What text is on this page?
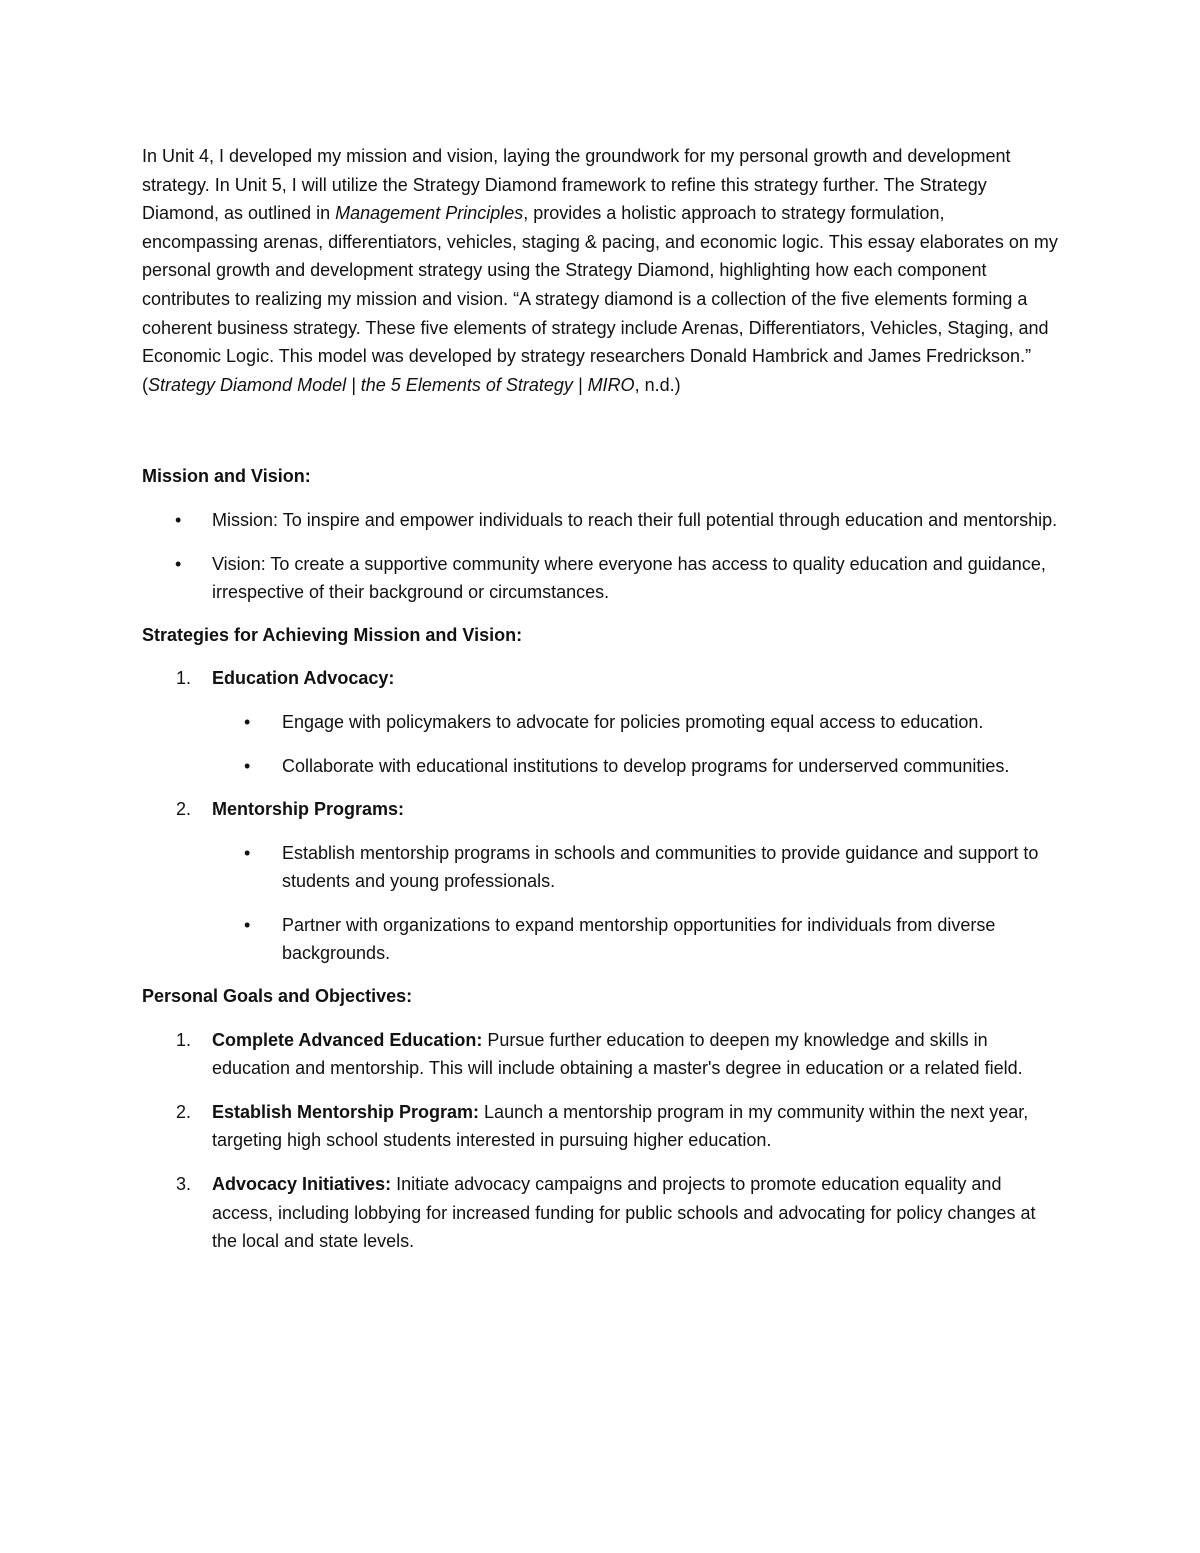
In Unit 4, I developed my mission and vision, laying the groundwork for my personal growth and development strategy. In Unit 5, I will utilize the Strategy Diamond framework to refine this strategy further. The Strategy Diamond, as outlined in Management Principles, provides a holistic approach to strategy formulation, encompassing arenas, differentiators, vehicles, staging & pacing, and economic logic. This essay elaborates on my personal growth and development strategy using the Strategy Diamond, highlighting how each component contributes to realizing my mission and vision. “A strategy diamond is a collection of the five elements forming a coherent business strategy. These five elements of strategy include Arenas, Differentiators, Vehicles, Staging, and Economic Logic. This model was developed by strategy researchers Donald Hambrick and James Fredrickson.” (Strategy Diamond Model | the 5 Elements of Strategy | MIRO, n.d.)

Mission and Vision:
• Mission: To inspire and empower individuals to reach their full potential through education and mentorship.
• Vision: To create a supportive community where everyone has access to quality education and guidance, irrespective of their background or circumstances.
Strategies for Achieving Mission and Vision:
1. Education Advocacy:
• Engage with policymakers to advocate for policies promoting equal access to education.
• Collaborate with educational institutions to develop programs for underserved communities.
2. Mentorship Programs:
• Establish mentorship programs in schools and communities to provide guidance and support to students and young professionals.
• Partner with organizations to expand mentorship opportunities for individuals from diverse backgrounds.
Personal Goals and Objectives:
1. Complete Advanced Education: Pursue further education to deepen my knowledge and skills in education and mentorship. This will include obtaining a master's degree in education or a related field.
2. Establish Mentorship Program: Launch a mentorship program in my community within the next year, targeting high school students interested in pursuing higher education.
3. Advocacy Initiatives: Initiate advocacy campaigns and projects to promote education equality and access, including lobbying for increased funding for public schools and advocating for policy changes at the local and state levels.
